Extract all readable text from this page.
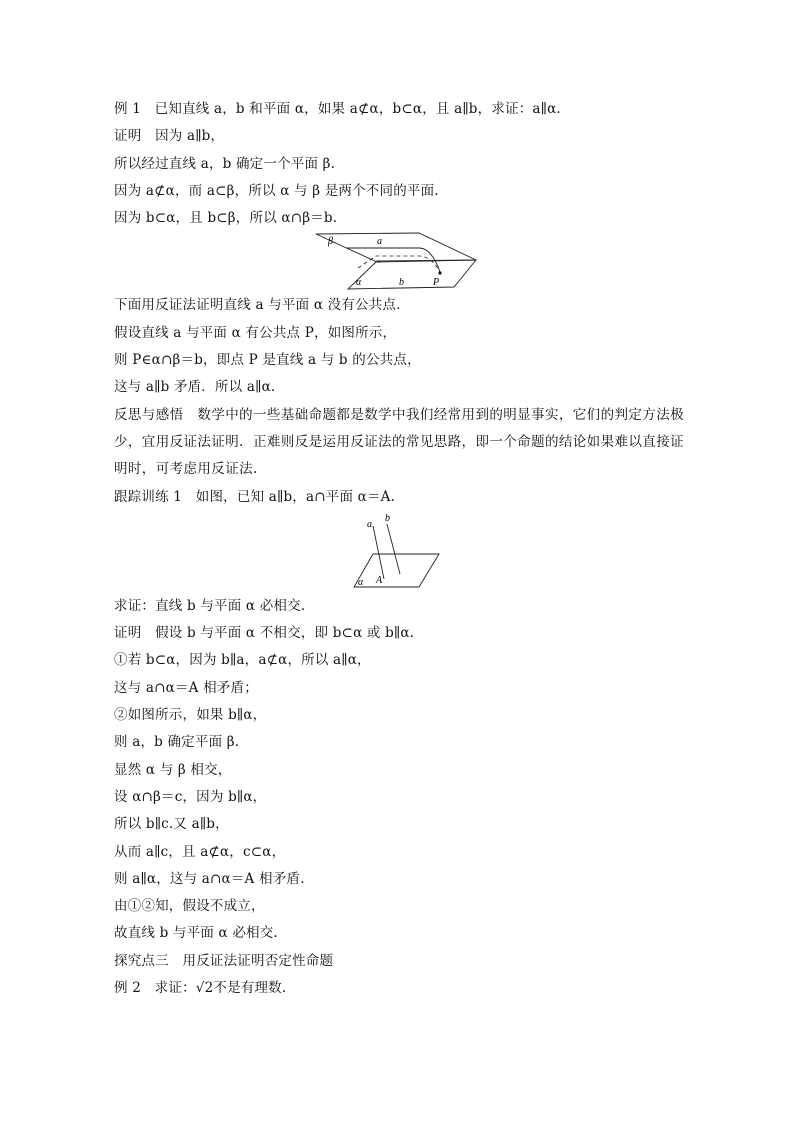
例 1　已知直线 a，b 和平面 α，如果 a⊄α，b⊂α，且 a∥b，求证：a∥α.
证明　因为 a∥b，
所以经过直线 a，b 确定一个平面 β.
因为 a⊄α，而 a⊂β，所以 α 与 β 是两个不同的平面.
因为 b⊂α，且 b⊂β，所以 α∩β＝b.
β	a
α	b	P
下面用反证法证明直线 a 与平面 α 没有公共点.
假设直线 a 与平面 α 有公共点 P，如图所示，
则 P∈α∩β＝b，即点 P 是直线 a 与 b 的公共点，
这与 a∥b 矛盾．所以 a∥α.
反思与感悟　数学中的一些基础命题都是数学中我们经常用到的明显事实，它们的判定方法极少，宜用反证法证明．正难则反是运用反证法的常见思路，即一个命题的结论如果难以直接证明时，可考虑用反证法.
跟踪训练 1　如图，已知 a∥b，a∩平面 α＝A.
a
b
α A
求证：直线 b 与平面 α 必相交.
证明　假设 b 与平面 α 不相交，即 b⊂α 或 b∥α.
①若 b⊂α，因为 b∥a，a⊄α，所以 a∥α，
这与 a∩α＝A 相矛盾；
②如图所示，如果 b∥α，
则 a，b 确定平面 β.
显然 α 与 β 相交，
设 α∩β＝c，因为 b∥α，
所以 b∥c.又 a∥b，
从而 a∥c，且 a⊄α，c⊂α，
则 a∥α，这与 a∩α＝A 相矛盾.
由①②知，假设不成立，
故直线 b 与平面 α 必相交.
探究点三　用反证法证明否定性命题
例 2　求证：√2不是有理数.
